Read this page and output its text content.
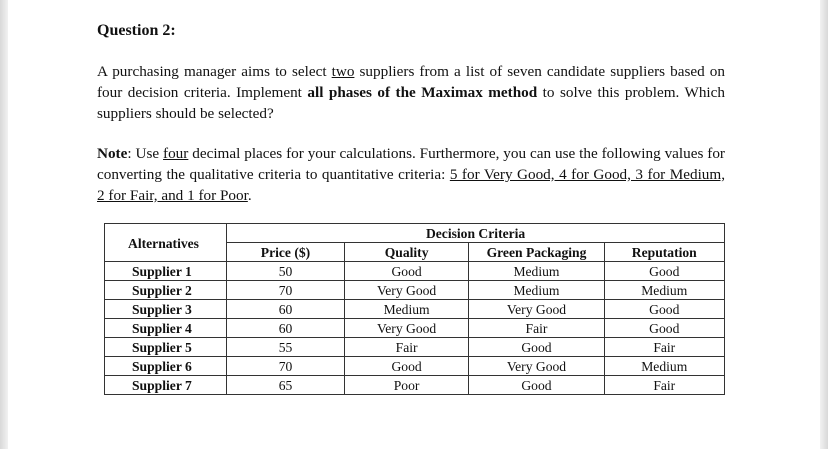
Question 2:
A purchasing manager aims to select two suppliers from a list of seven candidate suppliers based on four decision criteria. Implement all phases of the Maximax method to solve this problem. Which suppliers should be selected?
Note: Use four decimal places for your calculations. Furthermore, you can use the following values for converting the qualitative criteria to quantitative criteria: 5 for Very Good, 4 for Good, 3 for Medium, 2 for Fair, and 1 for Poor.
Alternatives	Decision Criteria			
	Price ($)	Quality	Green Packaging	Reputation
Supplier 1	50	Good	Medium	Good
Supplier 2	70	Very Good	Medium	Medium
Supplier 3	60	Medium	Very Good	Good
Supplier 4	60	Very Good	Fair	Good
Supplier 5	55	Fair	Good	Fair
Supplier 6	70	Good	Very Good	Medium
Supplier 7	65	Poor	Good	Fair
